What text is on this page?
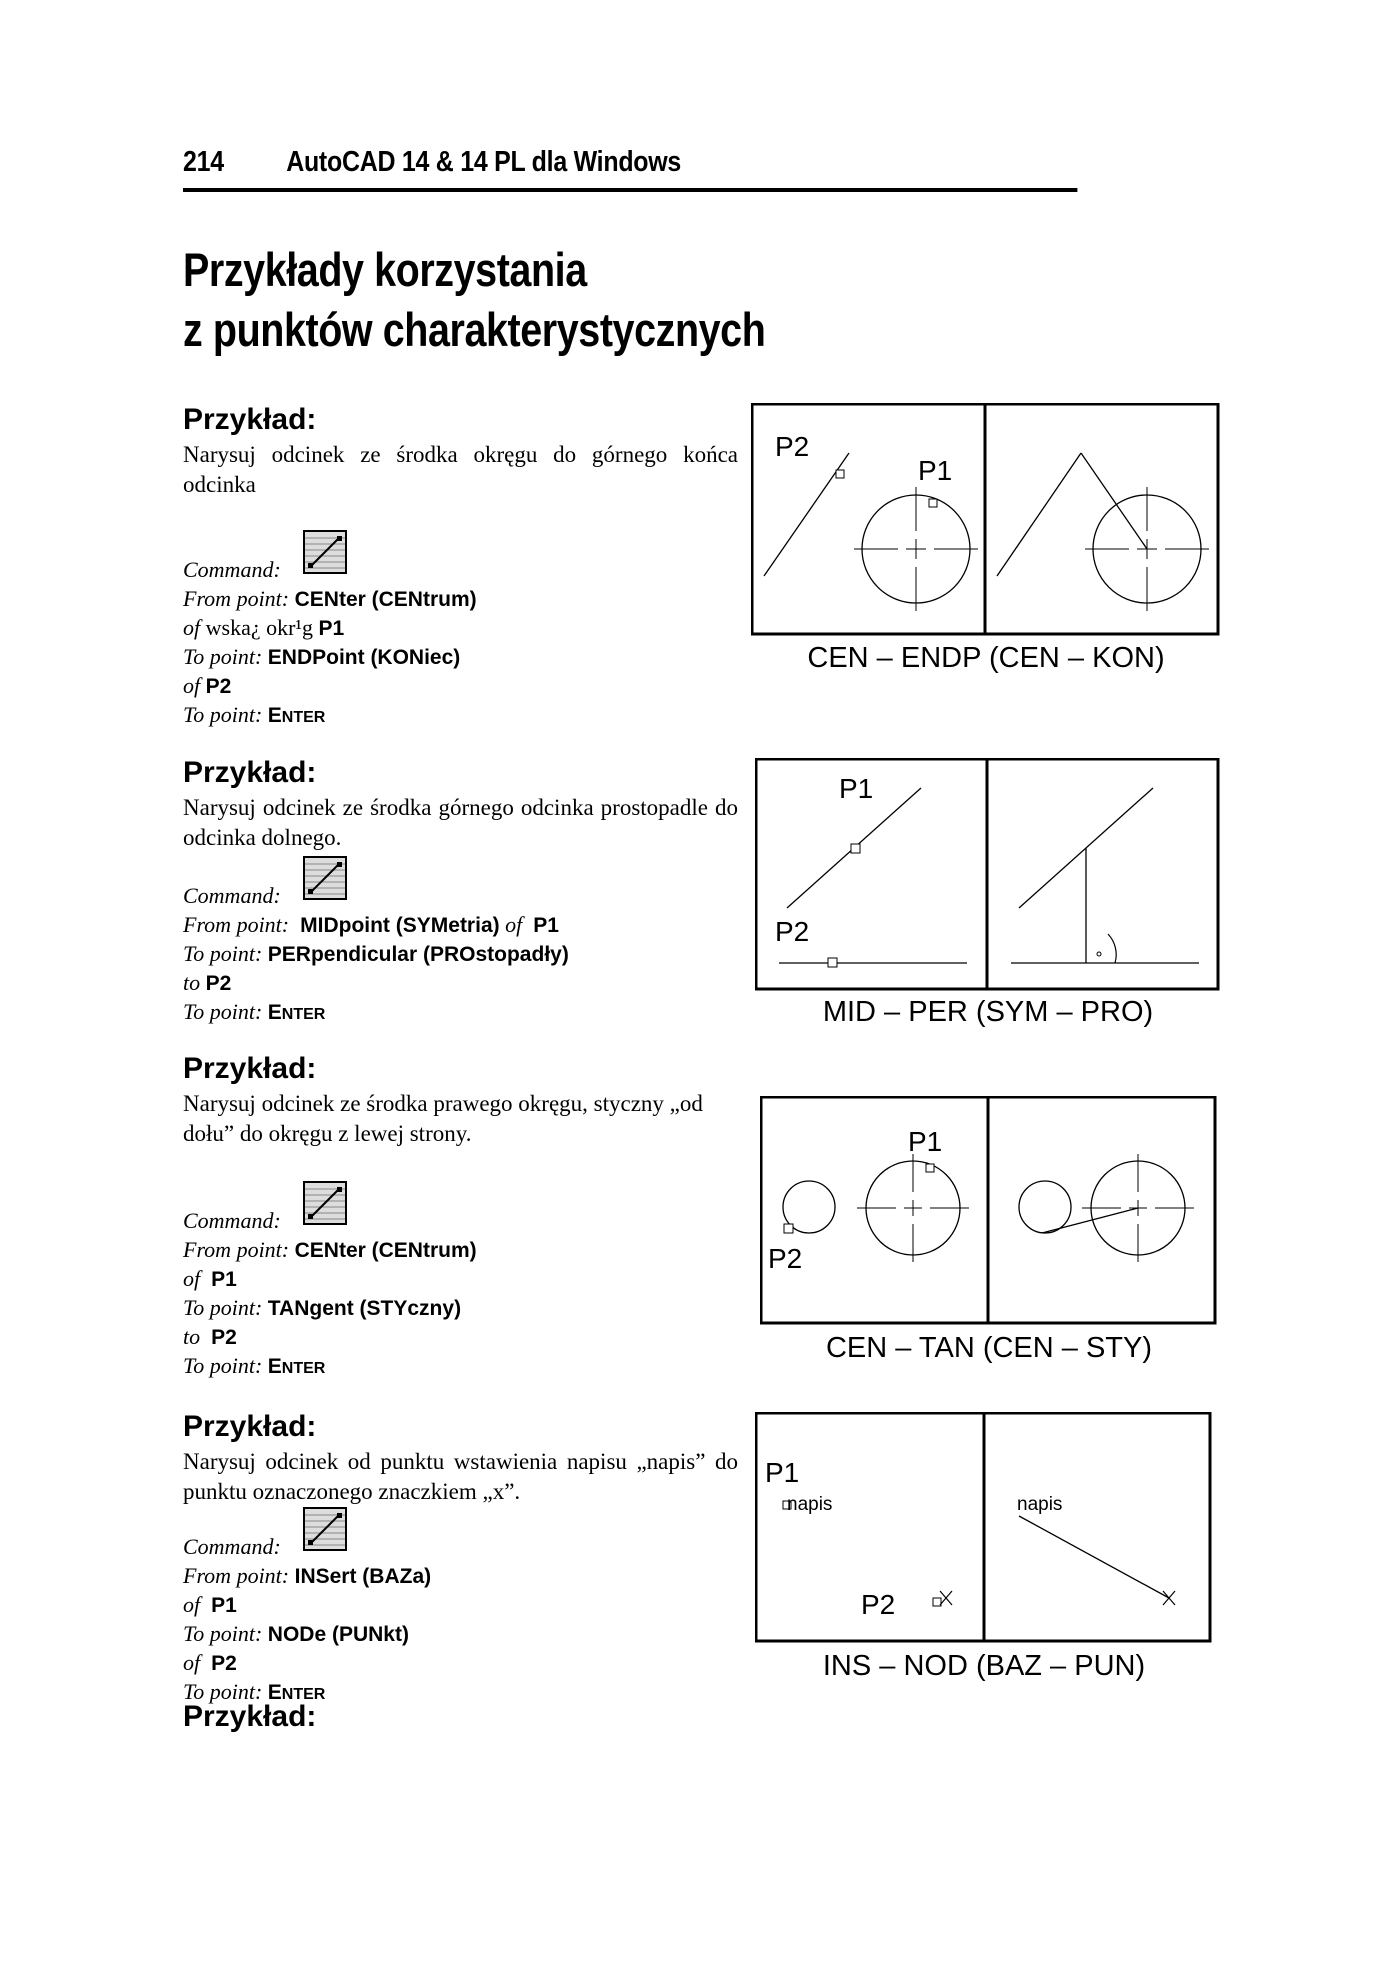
214 AutoCAD 14 & 14 PL dla Windows
Przykłady korzystania
z punktów charakterystycznych
Przykład:
Narysuj odcinek ze środka okręgu do górnego końca odcinka
Command:
From point: CENter (CENtrum)
of wska¿ okr¹g P1
To point: ENDPoint (KONiec)
of P2
To point: ENTER
P2
P1
CEN – ENDP (CEN – KON)
Przykład:
Narysuj odcinek ze środka górnego odcinka prostopadle do odcinka dolnego.
Command:
From point: MIDpoint (SYMetria) of P1
To point: PERpendicular (PROstopadły)
to P2
To point: ENTER
P1
P2
MID – PER (SYM – PRO)
Przykład:
Narysuj odcinek ze środka prawego okręgu, styczny „od dołu” do okręgu z lewej strony.
Command:
From point: CENter (CENtrum)
of P1
To point: TANgent (STYczny)
to P2
To point: ENTER
P1
P2
CEN – TAN (CEN – STY)
Przykład:
Narysuj odcinek od punktu wstawienia napisu „napis” do punktu oznaczonego znaczkiem „x”.
Command:
From point: INSert (BAZa)
of P1
To point: NODe (PUNkt)
of P2
To point: ENTER
P1
napis
P2
napis
INS – NOD (BAZ – PUN)
Przykład:
